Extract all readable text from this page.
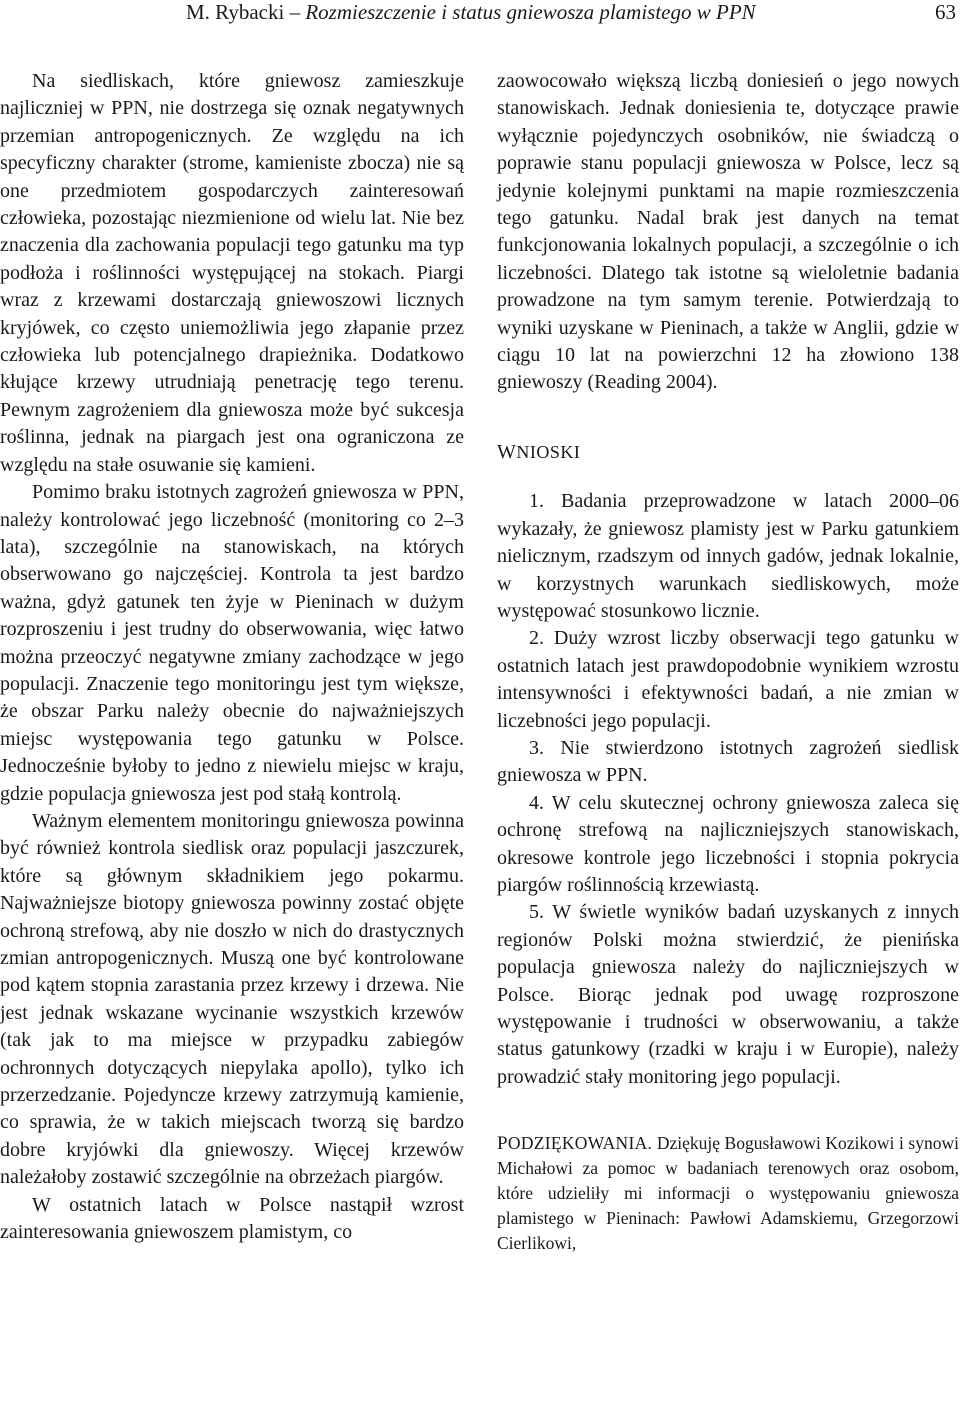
M. Rybacki – Rozmieszczenie i status gniewosza plamistego w PPN	63

Na siedliskach, które gniewosz zamieszkuje najliczniej w PPN, nie dostrzega się oznak negatywnych przemian antropogenicznych. Ze względu na ich specyficzny charakter (strome, kamieniste zbocza) nie są one przedmiotem gospodarczych zainteresowań człowieka, pozostając niezmienione od wielu lat. Nie bez znaczenia dla zachowania populacji tego gatunku ma typ podłoża i roślinności występującej na stokach. Piargi wraz z krzewami dostarczają gniewoszowi licznych kryjówek, co często uniemożliwia jego złapanie przez człowieka lub potencjalnego drapieżnika. Dodatkowo kłujące krzewy utrudniają penetrację tego terenu. Pewnym zagrożeniem dla gniewosza może być sukcesja roślinna, jednak na piargach jest ona ograniczona ze względu na stałe osuwanie się kamieni.

Pomimo braku istotnych zagrożeń gniewosza w PPN, należy kontrolować jego liczebność (monitoring co 2–3 lata), szczególnie na stanowiskach, na których obserwowano go najczęściej. Kontrola ta jest bardzo ważna, gdyż gatunek ten żyje w Pieninach w dużym rozproszeniu i jest trudny do obserwowania, więc łatwo można przeoczyć negatywne zmiany zachodzące w jego populacji. Znaczenie tego monitoringu jest tym większe, że obszar Parku należy obecnie do najważniejszych miejsc występowania tego gatunku w Polsce. Jednocześnie byłoby to jedno z niewielu miejsc w kraju, gdzie populacja gniewosza jest pod stałą kontrolą.

Ważnym elementem monitoringu gniewosza powinna być również kontrola siedlisk oraz populacji jaszczurek, które są głównym składnikiem jego pokarmu. Najważniejsze biotopy gniewosza powinny zostać objęte ochroną strefową, aby nie doszło w nich do drastycznych zmian antropogenicznych. Muszą one być kontrolowane pod kątem stopnia zarastania przez krzewy i drzewa. Nie jest jednak wskazane wycinanie wszystkich krzewów (tak jak to ma miejsce w przypadku zabiegów ochronnych dotyczących niepylaka apollo), tylko ich przerzedzanie. Pojedyncze krzewy zatrzymują kamienie, co sprawia, że w takich miejscach tworzą się bardzo dobre kryjówki dla gniewoszy. Więcej krzewów należałoby zostawić szczególnie na obrzeżach piargów.

W ostatnich latach w Polsce nastąpił wzrost zainteresowania gniewoszem plamistym, co

zaowocowało większą liczbą doniesień o jego nowych stanowiskach. Jednak doniesienia te, dotyczące prawie wyłącznie pojedynczych osobników, nie świadczą o poprawie stanu populacji gniewosza w Polsce, lecz są jedynie kolejnymi punktami na mapie rozmieszczenia tego gatunku. Nadal brak jest danych na temat funkcjonowania lokalnych populacji, a szczególnie o ich liczebności. Dlatego tak istotne są wieloletnie badania prowadzone na tym samym terenie. Potwierdzają to wyniki uzyskane w Pieninach, a także w Anglii, gdzie w ciągu 10 lat na powierzchni 12 ha złowiono 138 gniewoszy (Reading 2004).

WNIOSKI

1. Badania przeprowadzone w latach 2000–06 wykazały, że gniewosz plamisty jest w Parku gatunkiem nielicznym, rzadszym od innych gadów, jednak lokalnie, w korzystnych warunkach siedliskowych, może występować stosunkowo licznie.

2. Duży wzrost liczby obserwacji tego gatunku w ostatnich latach jest prawdopodobnie wynikiem wzrostu intensywności i efektywności badań, a nie zmian w liczebności jego populacji.

3. Nie stwierdzono istotnych zagrożeń siedlisk gniewosza w PPN.

4. W celu skutecznej ochrony gniewosza zaleca się ochronę strefową na najliczniejszych stanowiskach, okresowe kontrole jego liczebności i stopnia pokrycia piargów roślinnością krzewiastą.

5. W świetle wyników badań uzyskanych z innych regionów Polski można stwierdzić, że pienińska populacja gniewosza należy do najliczniejszych w Polsce. Biorąc jednak pod uwagę rozproszone występowanie i trudności w obserwowaniu, a także status gatunkowy (rzadki w kraju i w Europie), należy prowadzić stały monitoring jego populacji.

PODZIĘKOWANIA. Dziękuję Bogusławowi Kozikowi i synowi Michałowi za pomoc w badaniach terenowych oraz osobom, które udzieliły mi informacji o występowaniu gniewosza plamistego w Pieninach: Pawłowi Adamskiemu, Grzegorzowi Cierlikowi,
